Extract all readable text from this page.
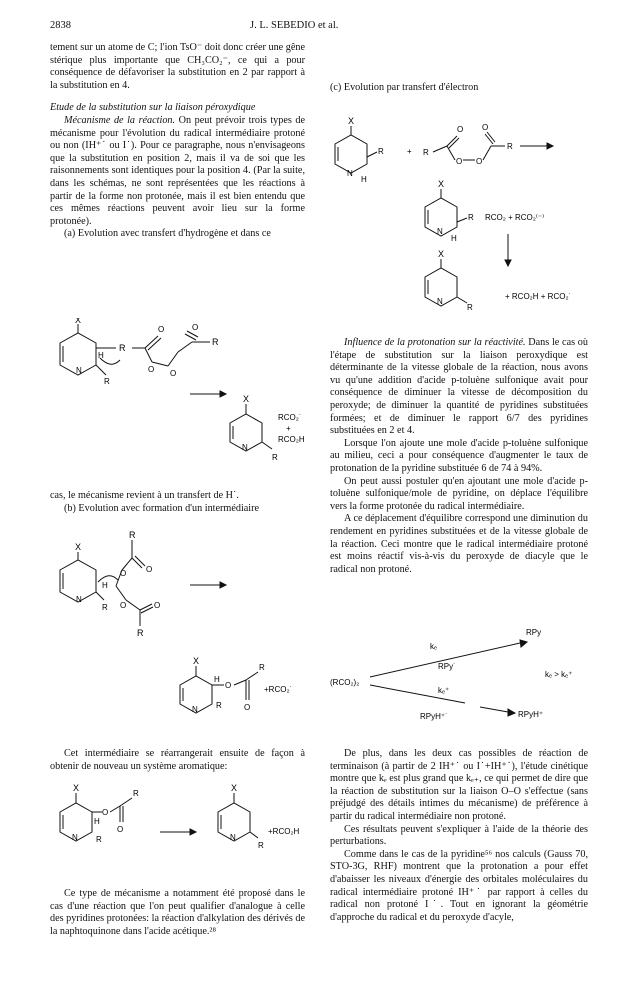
2838	J. L. SEBEDIO et al.

tement sur un atome de C; l'ion TsO⁻ doit donc créer une gêne stérique plus importante que CH₃CO₂⁻, ce qui a pour conséquence de défavoriser la substitution en 2 par rapport à la substitution en 4.

Etude de la substitution sur la liaison péroxydique

Mécanisme de la réaction. On peut prévoir trois types de mécanisme pour l'évolution du radical intermédiaire protoné ou non (IH⁺˙ ou I˙). Pour ce paragraphe, nous n'envisageons que la substitution en position 2, mais il va de soi que les raisonnements sont identiques pour la position 4. (Par la suite, dans les schémas, ne sont représentées que les réactions à partir de la forme non protonée, mais il est bien entendu que ces mêmes réactions peuvent avoir lieu sur la forme protonée).

(a) Evolution avec transfert d'hydrogène et dans ce

X
R
O
O O
O
R
H
N
R
X
N
R
RCO₂˙
+
RCO₂H

cas, le mécanisme revient à un transfert de H˙.

(b) Evolution avec formation d'un intermédiaire

R
X
O
O
O	O
R
H
N
R
X
H
O
R
O
N R
+RCO₂˙

Cet intermédiaire se réarrangerait ensuite de façon à obtenir de nouveau un système aromatique:

X
O
R
O
H
N R
X
N
R
+RCO₂H

Ce type de mécanisme a notamment été proposé dans le cas d'une réaction que l'on peut qualifier d'analogue à celle des pyridines protonées: la réaction d'alkylation des dérivés de la naphtoquinone dans l'acide acétique.²⁸

(c) Evolution par transfert d'électron

X
R
N
H
+ R
O
O O
O
R
X
R
N
H
RCO₂ + RCO₂⁽⁻⁾
X
N
R
+ RCO₂H + RCO₂˙

Influence de la protonation sur la réactivité. Dans le cas où l'étape de substitution sur la liaison peroxydique est déterminante de la vitesse globale de la réaction, nous avons vu qu'une addition d'acide p-toluène sulfonique avait pour conséquence de diminuer la vitesse de décomposition du peroxyde; de diminuer la quantité de pyridines substituées formées; et de diminuer le rapport 6/7 des pyridines substituées en 2 et 4.

Lorsque l'on ajoute une mole d'acide p-toluène sulfonique au milieu, ceci a pour conséquence d'augmenter le taux de protonation de la pyridine substituée 6 de 74 à 94%.

On peut aussi postuler qu'en ajoutant une mole d'acide p-toluène sulfonique/mole de pyridine, on déplace l'équilibre vers la forme protonée du radical intermédiaire.

A ce déplacement d'équilibre correspond une diminution du rendement en pyridines substituées et de la vitesse globale de la réaction. Ceci montre que le radical intermédiaire protoné est moins réactif vis-à-vis du peroxyde de diacyle que le radical non protoné.

RPy
kₑ
RPy˙
kₑ > kₑ⁺
(RCO₂)₂
kₑ⁺
RPyH⁺˙	RPyH⁺

De plus, dans les deux cas possibles de réaction de terminaison (à partir de 2 IH⁺˙ ou I˙+IH⁺˙), l'étude cinétique montre que kₑ est plus grand que kₑ₊, ce qui permet de dire que la réaction de substitution sur la liaison O–O s'effectue (sans préjudgé des détails intimes du mécanisme) de préférence à partir du radical intermédiaire non protoné.

Ces résultats peuvent s'expliquer à l'aide de la théorie des perturbations.

Comme dans le cas de la pyridine⁵⁶ nos calculs (Gauss 70, STO-3G, RHF) montrent que la protonation a pour effet d'abaisser les niveaux d'énergie des orbitales moléculaires du radical intermédiaire protoné IH⁺˙ par rapport à celles du radical non protoné I˙. Tout en ignorant la géométrie d'approche du radical et du peroxyde d'acyle,
